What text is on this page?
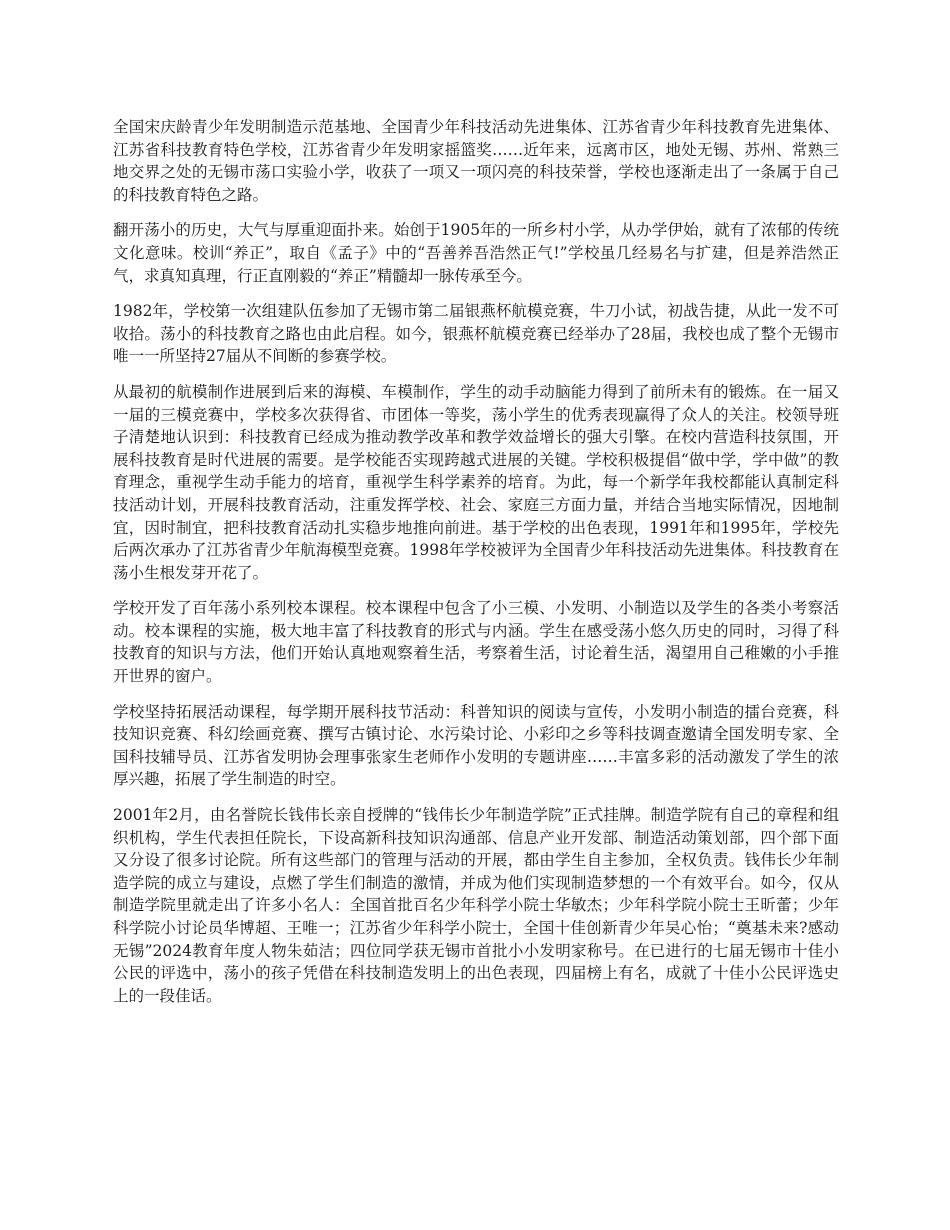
全国宋庆龄青少年发明制造示范基地、全国青少年科技活动先进集体、江苏省青少年科技教育先进集体、江苏省科技教育特色学校，江苏省青少年发明家摇篮奖……近年来，远离市区，地处无锡、苏州、常熟三地交界之处的无锡市荡口实验小学，收获了一项又一项闪亮的科技荣誉，学校也逐渐走出了一条属于自己的科技教育特色之路。

翻开荡小的历史，大气与厚重迎面扑来。始创于1905年的一所乡村小学，从办学伊始，就有了浓郁的传统文化意味。校训“养正”，取自《孟子》中的“吾善养吾浩然正气!”学校虽几经易名与扩建，但是养浩然正气，求真知真理，行正直刚毅的“养正”精髓却一脉传承至今。

1982年，学校第一次组建队伍参加了无锡市第二届银燕杯航模竞赛，牛刀小试，初战告捷，从此一发不可收拾。荡小的科技教育之路也由此启程。如今，银燕杯航模竞赛已经举办了28届，我校也成了整个无锡市唯一一所坚持27届从不间断的参赛学校。

从最初的航模制作进展到后来的海模、车模制作，学生的动手动脑能力得到了前所未有的锻炼。在一届又一届的三模竞赛中，学校多次获得省、市团体一等奖，荡小学生的优秀表现赢得了众人的关注。校领导班子清楚地认识到：科技教育已经成为推动教学改革和教学效益增长的强大引擎。在校内营造科技氛围，开展科技教育是时代进展的需要。是学校能否实现跨越式进展的关键。学校积极提倡“做中学，学中做”的教育理念，重视学生动手能力的培育，重视学生科学素养的培育。为此，每一个新学年我校都能认真制定科技活动计划，开展科技教育活动，注重发挥学校、社会、家庭三方面力量，并结合当地实际情况，因地制宜，因时制宜，把科技教育活动扎实稳步地推向前进。基于学校的出色表现，1991年和1995年，学校先后两次承办了江苏省青少年航海模型竞赛。1998年学校被评为全国青少年科技活动先进集体。科技教育在荡小生根发芽开花了。

学校开发了百年荡小系列校本课程。校本课程中包含了小三模、小发明、小制造以及学生的各类小考察活动。校本课程的实施，极大地丰富了科技教育的形式与内涵。学生在感受荡小悠久历史的同时，习得了科技教育的知识与方法，他们开始认真地观察着生活，考察着生活，讨论着生活，渴望用自己稚嫩的小手推开世界的窗户。

学校坚持拓展活动课程，每学期开展科技节活动：科普知识的阅读与宣传，小发明小制造的擂台竞赛，科技知识竞赛、科幻绘画竞赛、撰写古镇讨论、水污染讨论、小彩印之乡等科技调查邀请全国发明专家、全国科技辅导员、江苏省发明协会理事张家生老师作小发明的专题讲座……丰富多彩的活动激发了学生的浓厚兴趣，拓展了学生制造的时空。

2001年2月，由名誉院长钱伟长亲自授牌的“钱伟长少年制造学院”正式挂牌。制造学院有自己的章程和组织机构，学生代表担任院长，下设高新科技知识沟通部、信息产业开发部、制造活动策划部，四个部下面又分设了很多讨论院。所有这些部门的管理与活动的开展，都由学生自主参加，全权负责。钱伟长少年制造学院的成立与建设，点燃了学生们制造的激情，并成为他们实现制造梦想的一个有效平台。如今，仅从制造学院里就走出了许多小名人：全国首批百名少年科学小院士华敏杰；少年科学院小院士王昕蕾；少年科学院小讨论员华博超、王唯一；江苏省少年科学小院士，全国十佳创新青少年吴心怡；“奠基未来?感动无锡”2024教育年度人物朱茹洁；四位同学获无锡市首批小小发明家称号。在已进行的七届无锡市十佳小公民的评选中，荡小的孩子凭借在科技制造发明上的出色表现，四届榜上有名，成就了十佳小公民评选史上的一段佳话。
